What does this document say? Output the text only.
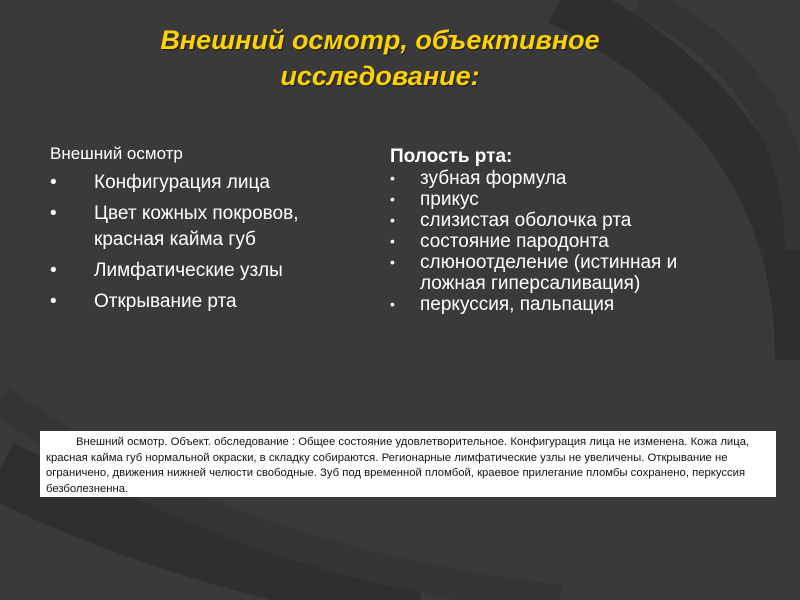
Внешний осмотр, объективное исследование:
Внешний осмотр
• Конфигурация лица
• Цвет кожных покровов, красная кайма губ
• Лимфатические узлы
• Открывание рта
Полость рта:
• зубная формула
• прикус
• слизистая оболочка рта
• состояние пародонта
• слюноотделение (истинная и ложная гиперсаливация)
• перкуссия, пальпация
Внешний осмотр. Объект. обследование : Общее состояние удовлетворительное. Конфигурация лица не изменена. Кожа лица, красная кайма губ нормальной окраски, в складку собираются. Регионарные лимфатические узлы не увеличены. Открывание не ограничено, движения нижней челюсти свободные. Зуб под временной пломбой, краевое прилегание пломбы сохранено, перкуссия безболезненна.
